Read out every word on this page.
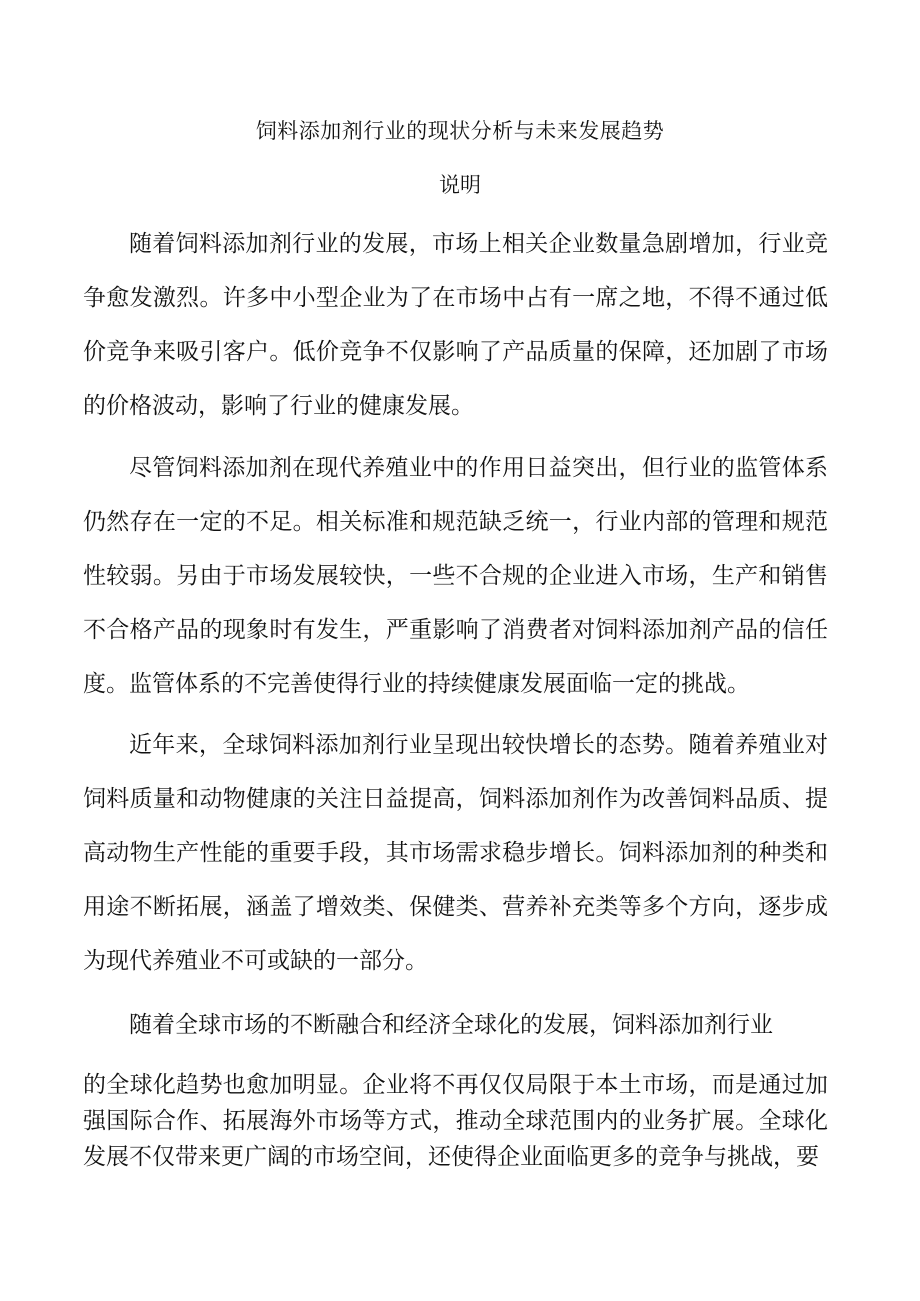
饲料添加剂行业的现状分析与未来发展趋势
说明

随着饲料添加剂行业的发展，市场上相关企业数量急剧增加，行业竞争愈发激烈。许多中小型企业为了在市场中占有一席之地，不得不通过低价竞争来吸引客户。低价竞争不仅影响了产品质量的保障，还加剧了市场的价格波动，影响了行业的健康发展。

尽管饲料添加剂在现代养殖业中的作用日益突出，但行业的监管体系仍然存在一定的不足。相关标准和规范缺乏统一，行业内部的管理和规范性较弱。另由于市场发展较快，一些不合规的企业进入市场，生产和销售不合格产品的现象时有发生，严重影响了消费者对饲料添加剂产品的信任度。监管体系的不完善使得行业的持续健康发展面临一定的挑战。

近年来，全球饲料添加剂行业呈现出较快增长的态势。随着养殖业对饲料质量和动物健康的关注日益提高，饲料添加剂作为改善饲料品质、提高动物生产性能的重要手段，其市场需求稳步增长。饲料添加剂的种类和用途不断拓展，涵盖了增效类、保健类、营养补充类等多个方向，逐步成为现代养殖业不可或缺的一部分。

随着全球市场的不断融合和经济全球化的发展，饲料添加剂行业

的全球化趋势也愈加明显。企业将不再仅仅局限于本土市场，而是通过加强国际合作、拓展海外市场等方式，推动全球范围内的业务扩展。全球化发展不仅带来更广阔的市场空间，还使得企业面临更多的竞争与挑战，要
